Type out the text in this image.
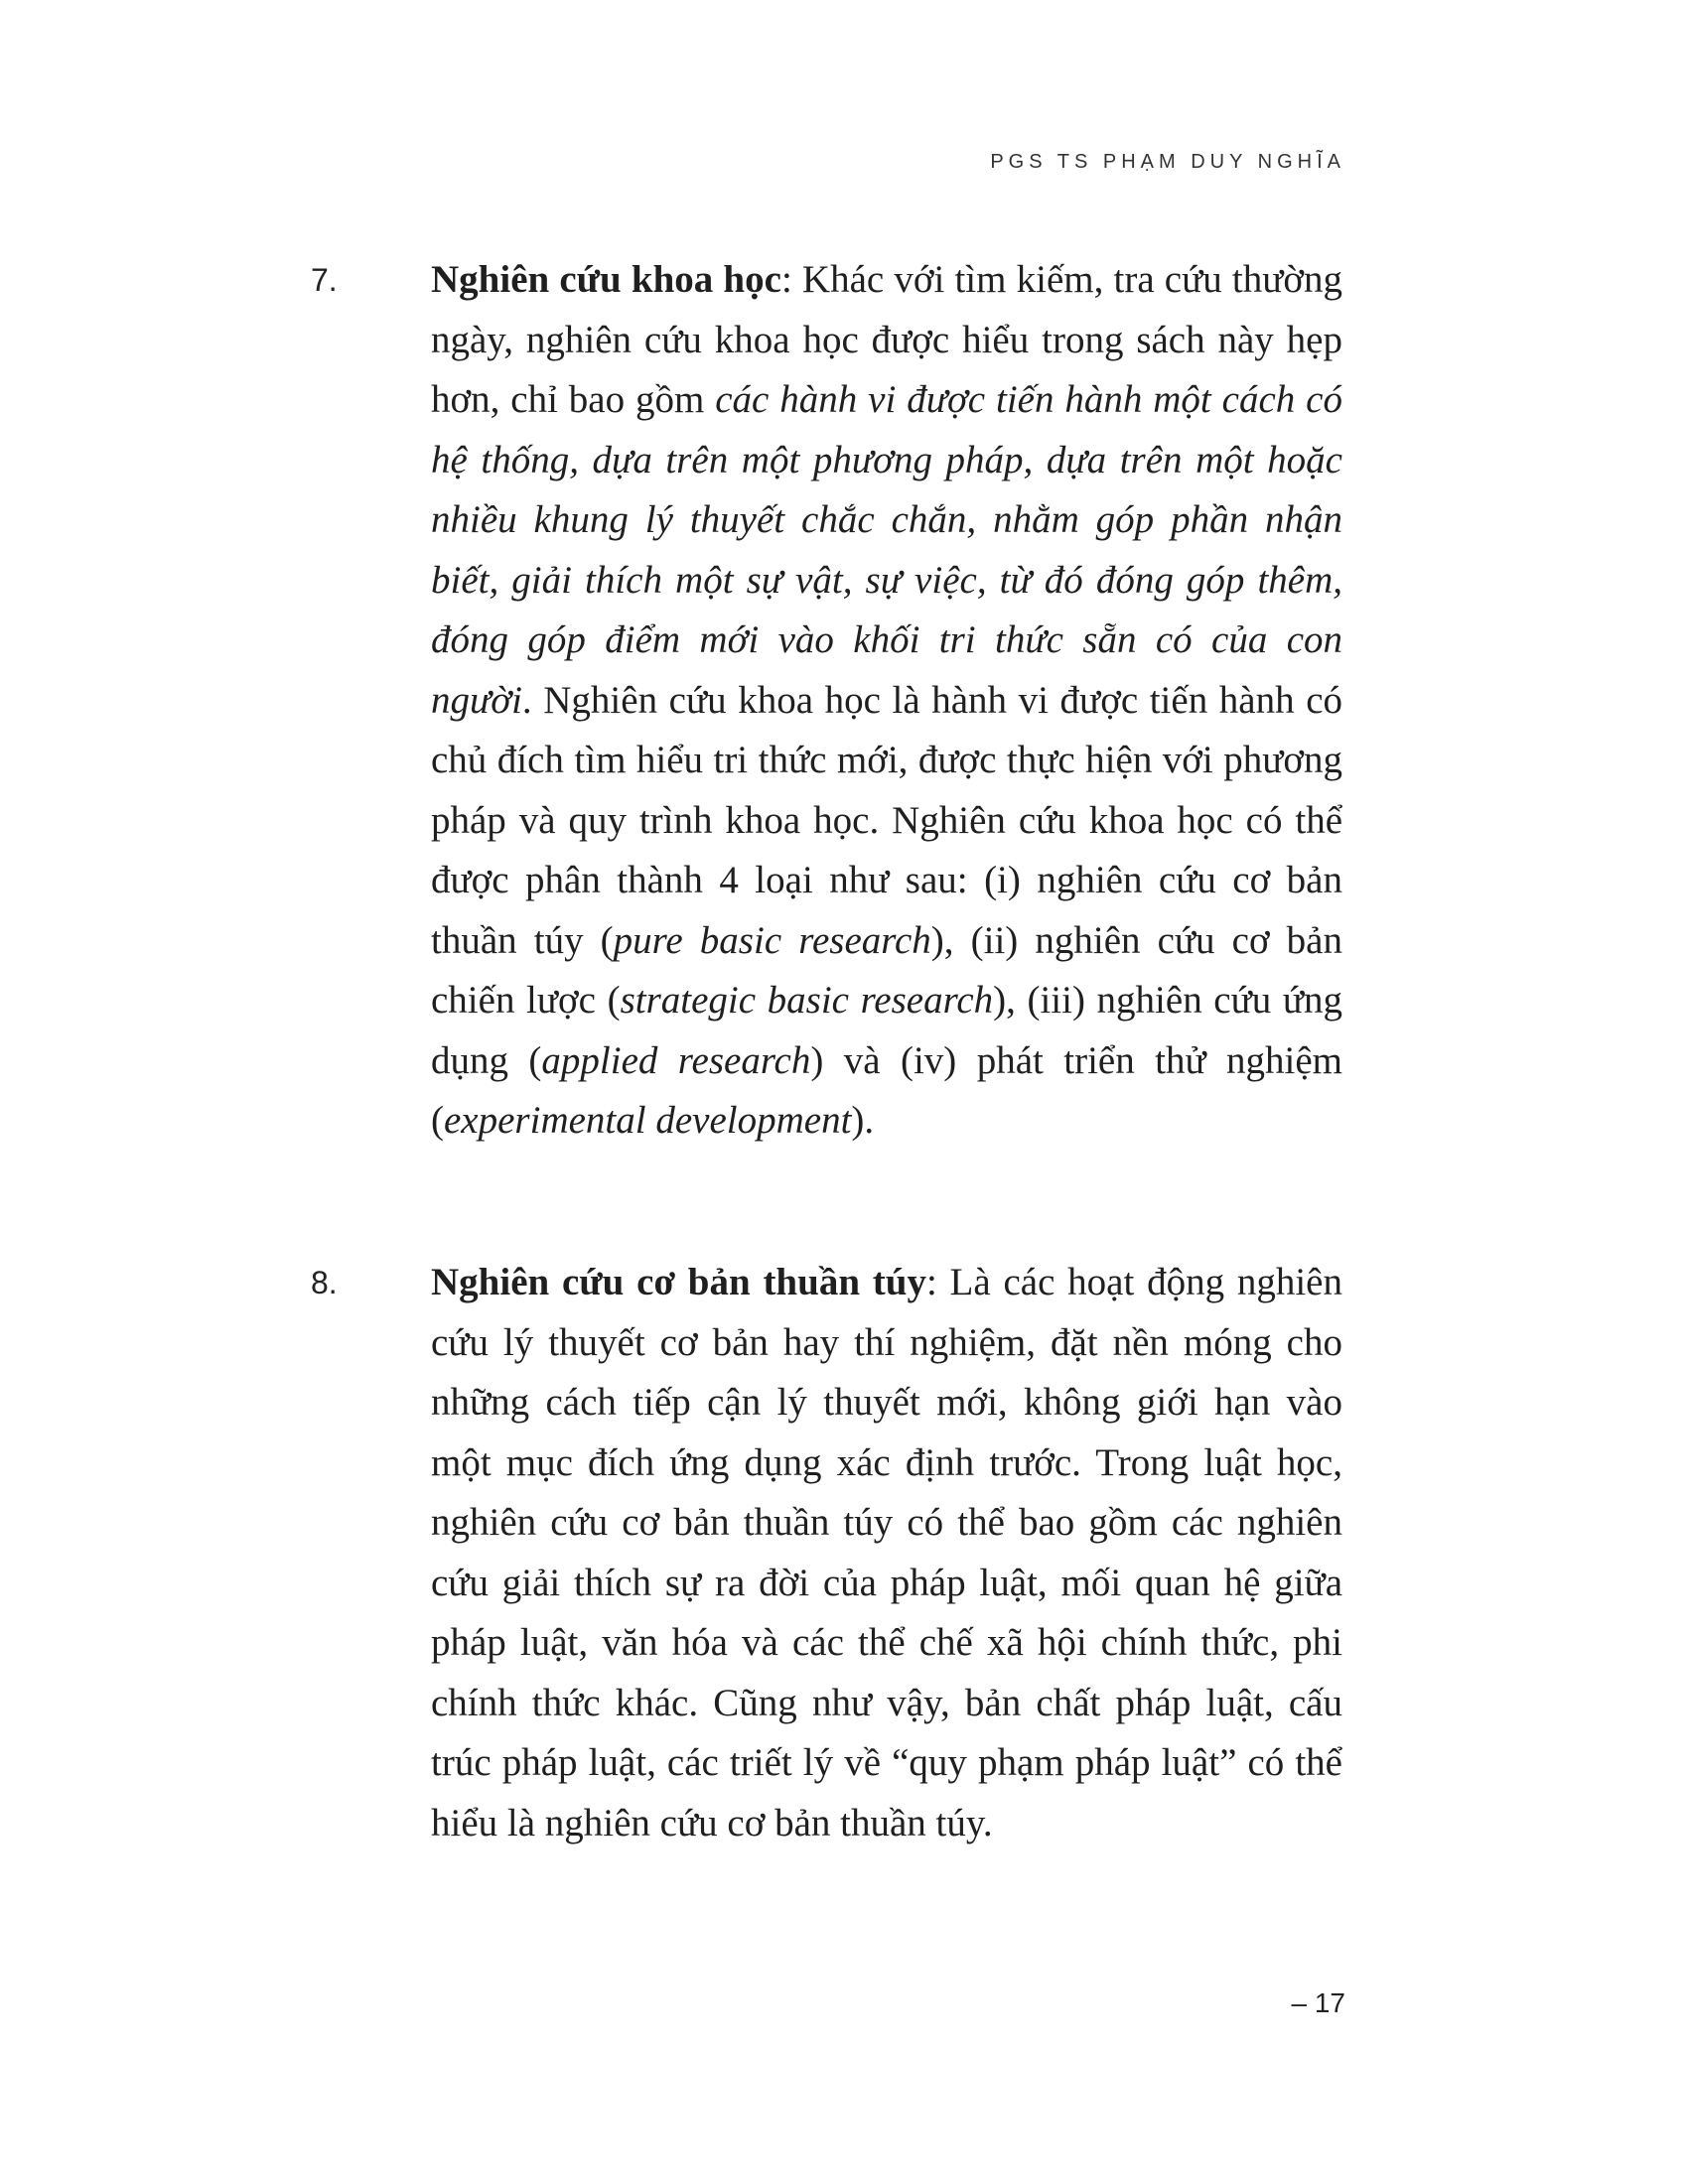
PGS TS PHẠM DUY NGHĨA

7. Nghiên cứu khoa học: Khác với tìm kiếm, tra cứu thường ngày, nghiên cứu khoa học được hiểu trong sách này hẹp hơn, chỉ bao gồm các hành vi được tiến hành một cách có hệ thống, dựa trên một phương pháp, dựa trên một hoặc nhiều khung lý thuyết chắc chắn, nhằm góp phần nhận biết, giải thích một sự vật, sự việc, từ đó đóng góp thêm, đóng góp điểm mới vào khối tri thức sẵn có của con người. Nghiên cứu khoa học là hành vi được tiến hành có chủ đích tìm hiểu tri thức mới, được thực hiện với phương pháp và quy trình khoa học. Nghiên cứu khoa học có thể được phân thành 4 loại như sau: (i) nghiên cứu cơ bản thuần túy (pure basic research), (ii) nghiên cứu cơ bản chiến lược (strategic basic research), (iii) nghiên cứu ứng dụng (applied research) và (iv) phát triển thử nghiệm (experimental development).

8. Nghiên cứu cơ bản thuần túy: Là các hoạt động nghiên cứu lý thuyết cơ bản hay thí nghiệm, đặt nền móng cho những cách tiếp cận lý thuyết mới, không giới hạn vào một mục đích ứng dụng xác định trước. Trong luật học, nghiên cứu cơ bản thuần túy có thể bao gồm các nghiên cứu giải thích sự ra đời của pháp luật, mối quan hệ giữa pháp luật, văn hóa và các thể chế xã hội chính thức, phi chính thức khác. Cũng như vậy, bản chất pháp luật, cấu trúc pháp luật, các triết lý về “quy phạm pháp luật” có thể hiểu là nghiên cứu cơ bản thuần túy.

– 17
